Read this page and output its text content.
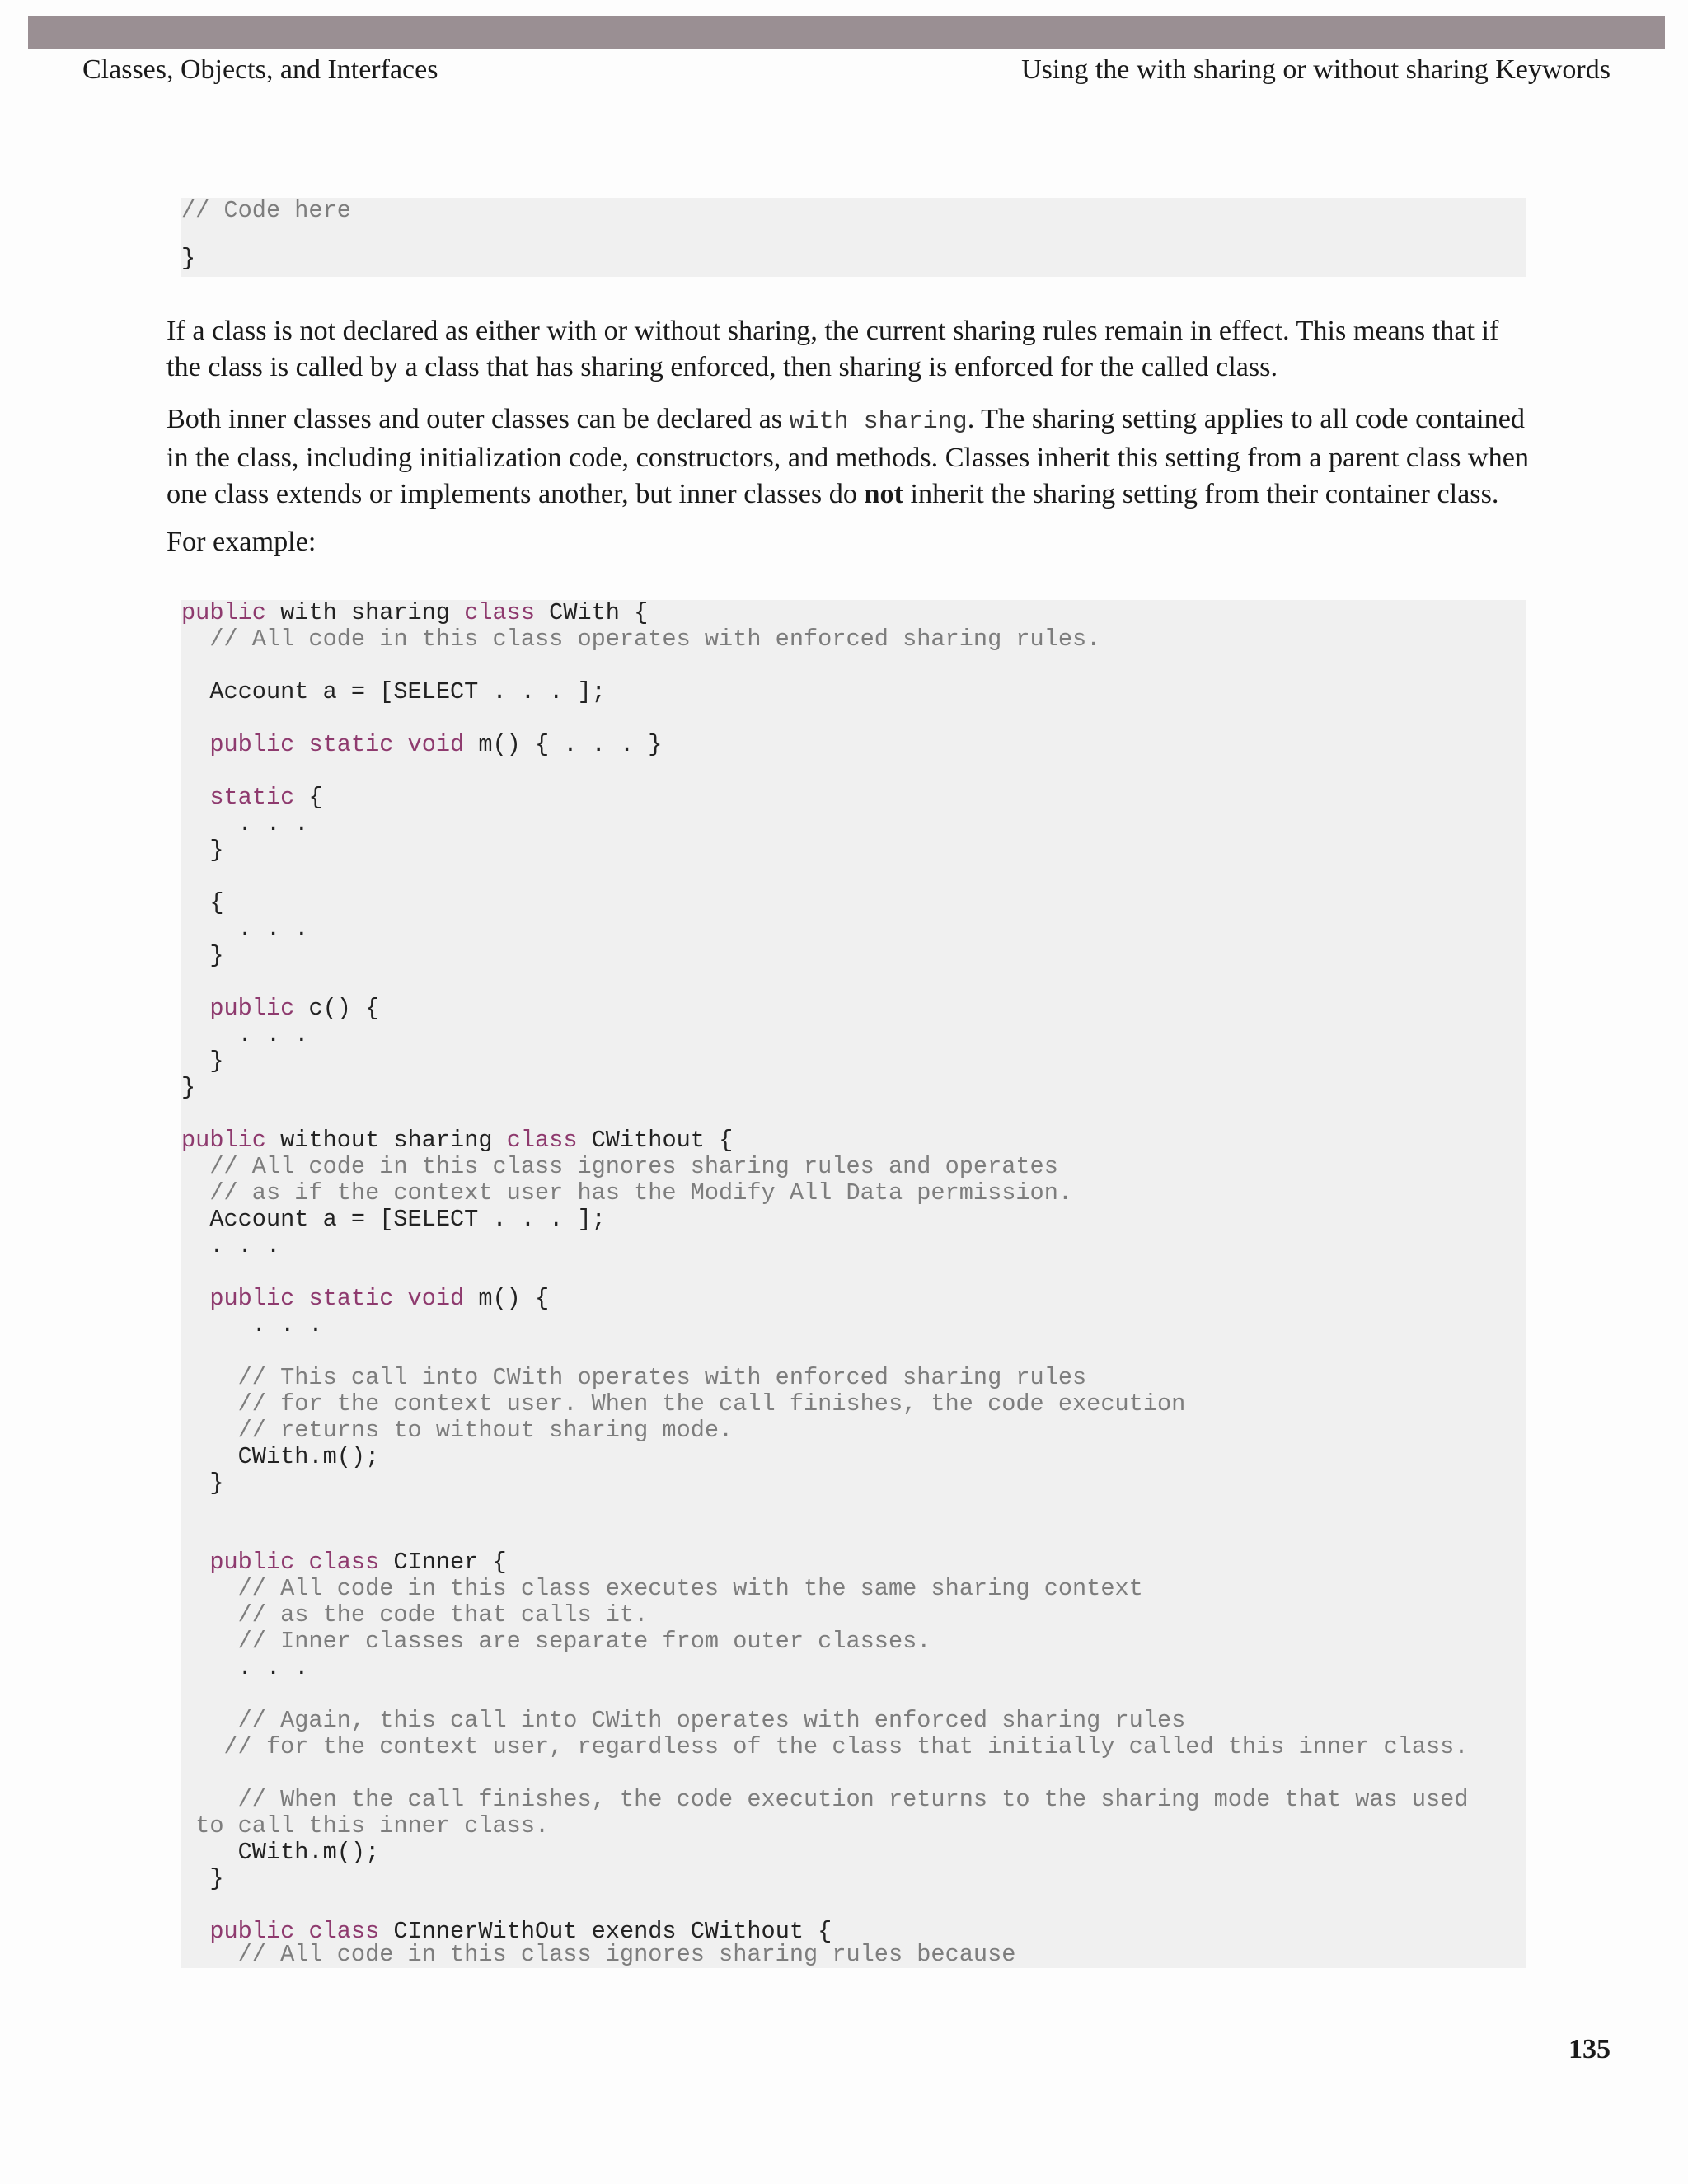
Classes, Objects, and Interfaces	Using the with sharing or without sharing Keywords
// Code here
}
If a class is not declared as either with or without sharing, the current sharing rules remain in effect. This means that if the class is called by a class that has sharing enforced, then sharing is enforced for the called class.
Both inner classes and outer classes can be declared as with sharing. The sharing setting applies to all code contained in the class, including initialization code, constructors, and methods. Classes inherit this setting from a parent class when one class extends or implements another, but inner classes do not inherit the sharing setting from their container class.
For example:
public with sharing class CWith {
// All code in this class operates with enforced sharing rules.
Account a = [SELECT . . . ];
public static void m() { . . . }
static {
. . .
}
{
. . .
}
public c() {
. . .
}
}
public without sharing class CWithout {
// All code in this class ignores sharing rules and operates
// as if the context user has the Modify All Data permission.
Account a = [SELECT . . . ];
. . .
public static void m() {
. . .
// This call into CWith operates with enforced sharing rules
// for the context user. When the call finishes, the code execution
// returns to without sharing mode.
CWith.m();
}
public class CInner {
// All code in this class executes with the same sharing context
// as the code that calls it.
// Inner classes are separate from outer classes.
. . .
// Again, this call into CWith operates with enforced sharing rules
// for the context user, regardless of the class that initially called this inner class.
// When the call finishes, the code execution returns to the sharing mode that was used
to call this inner class.
CWith.m();
}
public class CInnerWithOut exends CWithout {
// All code in this class ignores sharing rules because
135
